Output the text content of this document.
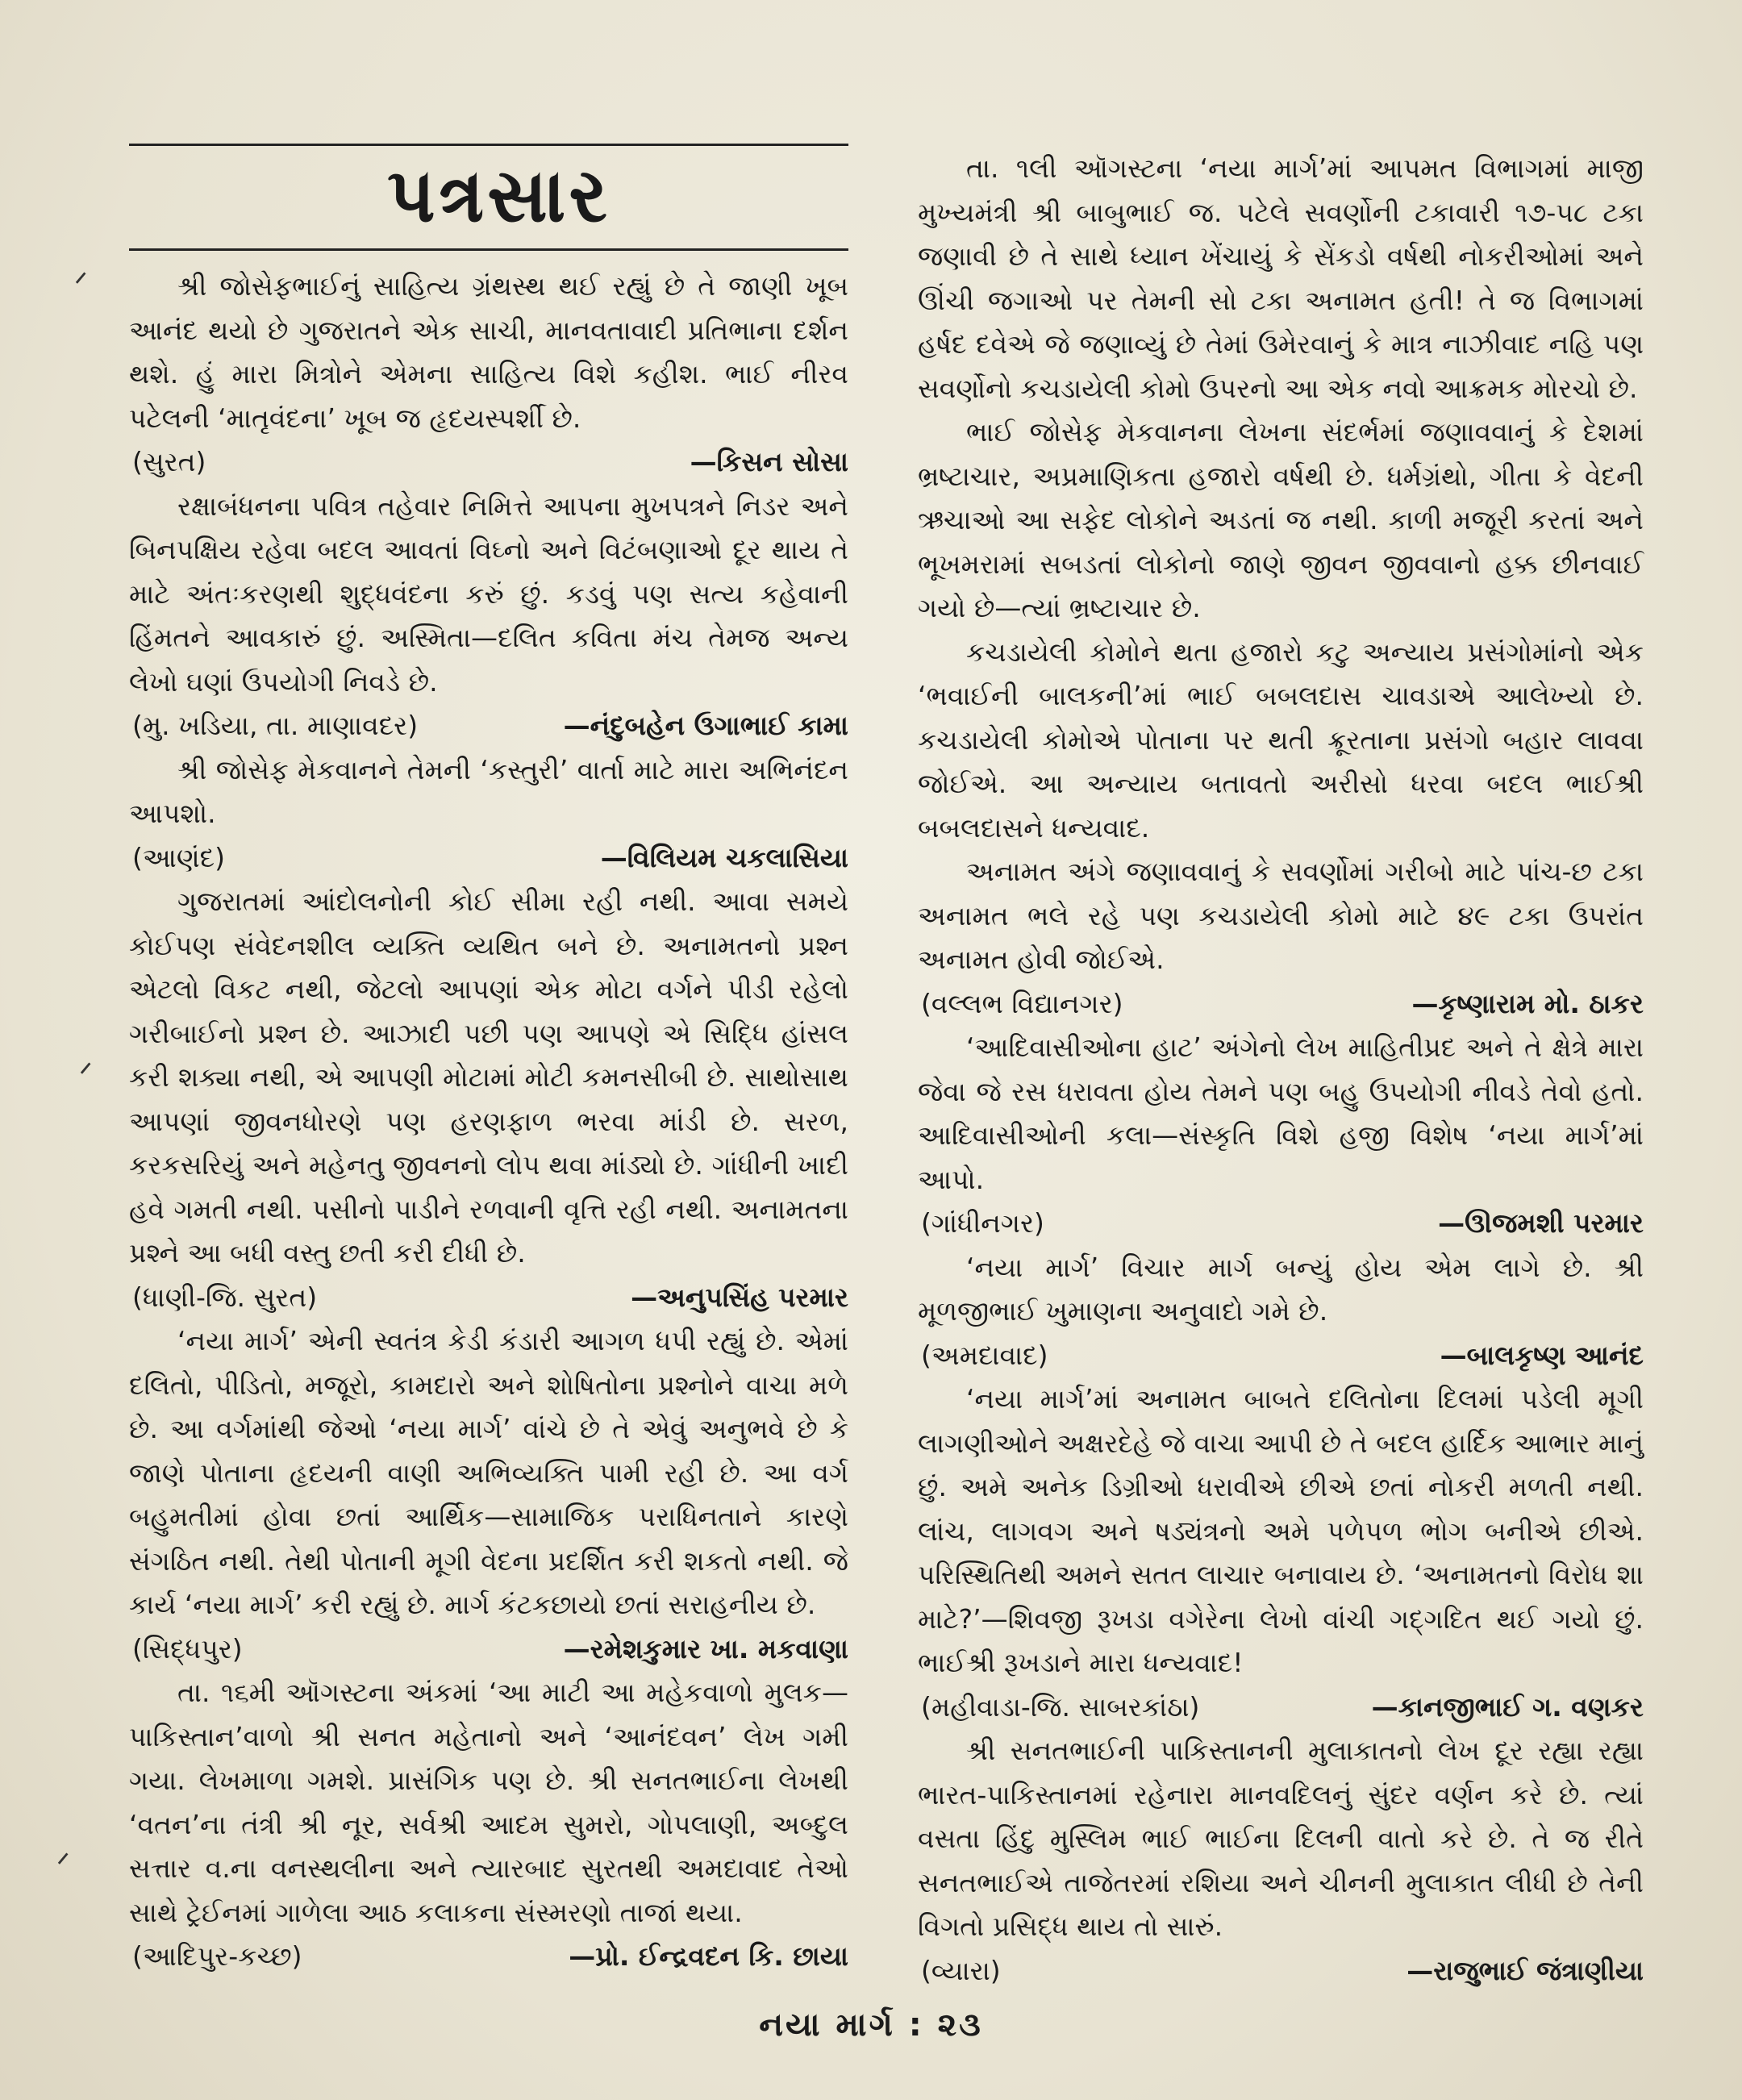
પત્રસાર

શ્રી જોસેફભાઈનું સાહિત્ય ગ્રંથસ્થ થઈ રહ્યું છે તે જાણી ખૂબ આનંદ થયો છે ગુજરાતને એક સાચી, માનવતાવાદી પ્રતિભાના દર્શન થશે. હું મારા મિત્રોને એમના સાહિત્ય વિશે કહીશ. ભાઈ નીરવ પટેલની ‘માતૃવંદના’ ખૂબ જ હૃદયસ્પર્શી છે.

(સુરત)	—કિસન સોસા

રક્ષાબંધનના પવિત્ર તહેવાર નિમિત્તે આપના મુખપત્રને નિડર અને બિનપક્ષિય રહેવા બદલ આવતાં વિઘ્નો અને વિટંબણાઓ દૂર થાય તે માટે અંતઃકરણથી શુદ્ધવંદના કરું છું. કડવું પણ સત્ય કહેવાની હિંમતને આવકારું છું. અસ્મિતા—દલિત કવિતા મંચ તેમજ અન્ય લેખો ઘણાં ઉપયોગી નિવડે છે.

(મુ. ખડિયા, તા. માણાવદર)	—નંદુબહેન ઉગાભાઈ કામા

શ્રી જોસેફ મેકવાનને તેમની ‘કસ્તુરી’ વાર્તા માટે મારા અભિનંદન આપશો.

(આણંદ)	—વિલિયમ ચકલાસિયા

ગુજરાતમાં આંદોલનોની કોઈ સીમા રહી નથી. આવા સમયે કોઈપણ સંવેદનશીલ વ્યક્તિ વ્યથિત બને છે. અનામતનો પ્રશ્ન એટલો વિકટ નથી, જેટલો આપણાં એક મોટા વર્ગને પીડી રહેલો ગરીબાઈનો પ્રશ્ન છે. આઝાદી પછી પણ આપણે એ સિદ્ધિ હાંસલ કરી શક્યા નથી, એ આપણી મોટામાં મોટી કમનસીબી છે. સાથોસાથ આપણાં જીવનધોરણે પણ હરણફાળ ભરવા માંડી છે. સરળ, કરકસરિયું અને મહેનતુ જીવનનો લોપ થવા માંડ્યો છે. ગાંધીની ખાદી હવે ગમતી નથી. પસીનો પાડીને રળવાની વૃત્તિ રહી નથી. અનામતના પ્રશ્ને આ બધી વસ્તુ છતી કરી દીધી છે.

(ધાણી-જિ. સુરત)	—અનુપસિંહ પરમાર

‘નયા માર્ગ’ એની સ્વતંત્ર કેડી કંડારી આગળ ધપી રહ્યું છે. એમાં દલિતો, પીડિતો, મજૂરો, કામદારો અને શોષિતોના પ્રશ્નોને વાચા મળે છે. આ વર્ગમાંથી જેઓ ‘નયા માર્ગ’ વાંચે છે તે એવું અનુભવે છે કે જાણે પોતાના હૃદયની વાણી અભિવ્યક્તિ પામી રહી છે. આ વર્ગ બહુમતીમાં હોવા છતાં આર્થિક—સામાજિક પરાધિનતાને કારણે સંગઠિત નથી. તેથી પોતાની મૂગી વેદના પ્રદર્શિત કરી શકતો નથી. જે કાર્ય ‘નયા માર્ગ’ કરી રહ્યું છે. માર્ગ કંટકછાયો છતાં સરાહનીય છે.

(સિદ્ધપુર)	—રમેશકુમાર ખા. મકવાણા

તા. ૧૬મી ઑગસ્ટના અંકમાં ‘આ માટી આ મહેકવાળો મુલક—પાકિસ્તાન’વાળો શ્રી સનત મહેતાનો અને ‘આનંદવન’ લેખ ગમી ગયા. લેખમાળા ગમશે. પ્રાસંગિક પણ છે. શ્રી સનતભાઈના લેખથી ‘વતન’ના તંત્રી શ્રી નૂર, સર્વશ્રી આદમ સુમરો, ગોપલાણી, અબ્દુલ સત્તાર વ.ના વનસ્થલીના અને ત્યારબાદ સુરતથી અમદાવાદ તેઓ સાથે ટ્રેઈનમાં ગાળેલા આઠ કલાકના સંસ્મરણો તાજાં થયા.

(આદિપુર-કચ્છ)	—પ્રો. ઈન્દ્રવદન કિ. છાયા

તા. ૧લી ઑગસ્ટના ‘નયા માર્ગ’માં આપમત વિભાગમાં માજી મુખ્યમંત્રી શ્રી બાબુભાઈ જ. પટેલે સવર્ણોની ટકાવારી ૧૭-૫૮ ટકા જણાવી છે તે સાથે ધ્યાન ખેંચાયું કે સેંકડો વર્ષથી નોકરીઓમાં અને ઊંચી જગાઓ પર તેમની સો ટકા અનામત હતી! તે જ વિભાગમાં હર્ષદ દવેએ જે જણાવ્યું છે તેમાં ઉમેરવાનું કે માત્ર નાઝીવાદ નહિ પણ સવર્ણોનો કચડાયેલી કોમો ઉપરનો આ એક નવો આક્રમક મોરચો છે.

ભાઈ જોસેફ મેકવાનના લેખના સંદર્ભમાં જણાવવાનું કે દેશમાં ભ્રષ્ટાચાર, અપ્રમાણિકતા હજારો વર્ષથી છે. ધર્મગ્રંથો, ગીતા કે વેદની ઋચાઓ આ સફેદ લોકોને અડતાં જ નથી. કાળી મજૂરી કરતાં અને ભૂખમરામાં સબડતાં લોકોનો જાણે જીવન જીવવાનો હક્ક છીનવાઈ ગયો છે—ત્યાં ભ્રષ્ટાચાર છે.

કચડાયેલી કોમોને થતા હજારો કટુ અન્યાય પ્રસંગોમાંનો એક ‘ભવાઈની બાલકની’માં ભાઈ બબલદાસ ચાવડાએ આલેખ્યો છે. કચડાયેલી કોમોએ પોતાના પર થતી ક્રૂરતાના પ્રસંગો બહાર લાવવા જોઈએ. આ અન્યાય બતાવતો અરીસો ધરવા બદલ ભાઈશ્રી બબલદાસને ધન્યવાદ.

અનામત અંગે જણાવવાનું કે સવર્ણોમાં ગરીબો માટે પાંચ-છ ટકા અનામત ભલે રહે પણ કચડાયેલી કોમો માટે ૪૯ ટકા ઉપરાંત અનામત હોવી જોઈએ.

(વલ્લભ વિદ્યાનગર)	—કૃષ્ણારામ મો. ઠાકર

‘આદિવાસીઓના હાટ’ અંગેનો લેખ માહિતીપ્રદ અને તે ક્ષેત્રે મારા જેવા જે રસ ધરાવતા હોય તેમને પણ બહુ ઉપયોગી નીવડે તેવો હતો. આદિવાસીઓની કલા—સંસ્કૃતિ વિશે હજી વિશેષ ‘નયા માર્ગ’માં આપો.

(ગાંધીનગર)	—ઊજમશી પરમાર

‘નયા માર્ગ’ વિચાર માર્ગ બન્યું હોય એમ લાગે છે. શ્રી મૂળજીભાઈ ખુમાણના અનુવાદો ગમે છે.

(અમદાવાદ)	—બાલકૃષ્ણ આનંદ

‘નયા માર્ગ’માં અનામત બાબતે દલિતોના દિલમાં પડેલી મૂગી લાગણીઓને અક્ષરદેહે જે વાચા આપી છે તે બદલ હાર્દિક આભાર માનું છું. અમે અનેક ડિગ્રીઓ ધરાવીએ છીએ છતાં નોકરી મળતી નથી. લાંચ, લાગવગ અને ષડ્યંત્રનો અમે પળેપળ ભોગ બનીએ છીએ. પરિસ્થિતિથી અમને સતત લાચાર બનાવાય છે. ‘અનામતનો વિરોધ શા માટે?’—શિવજી રૂખડા વગેરેના લેખો વાંચી ગદ્ગદિત થઈ ગયો છું. ભાઈશ્રી રૂખડાને મારા ધન્યવાદ!

(મહીવાડા-જિ. સાબરકાંઠા)	—કાનજીભાઈ ગ. વણકર

શ્રી સનતભાઈની પાકિસ્તાનની મુલાકાતનો લેખ દૂર રહ્યા રહ્યા ભારત-પાકિસ્તાનમાં રહેનારા માનવદિલનું સુંદર વર્ણન કરે છે. ત્યાં વસતા હિંદુ મુસ્લિમ ભાઈ ભાઈના દિલની વાતો કરે છે. તે જ રીતે સનતભાઈએ તાજેતરમાં રશિયા અને ચીનની મુલાકાત લીધી છે તેની વિગતો પ્રસિદ્ધ થાય તો સારું.

(વ્યારા)	—રાજુભાઈ જંત્રાણીયા
ᐟ
ᐟ
ᐟ
નયા માર્ગ : ૨૩
